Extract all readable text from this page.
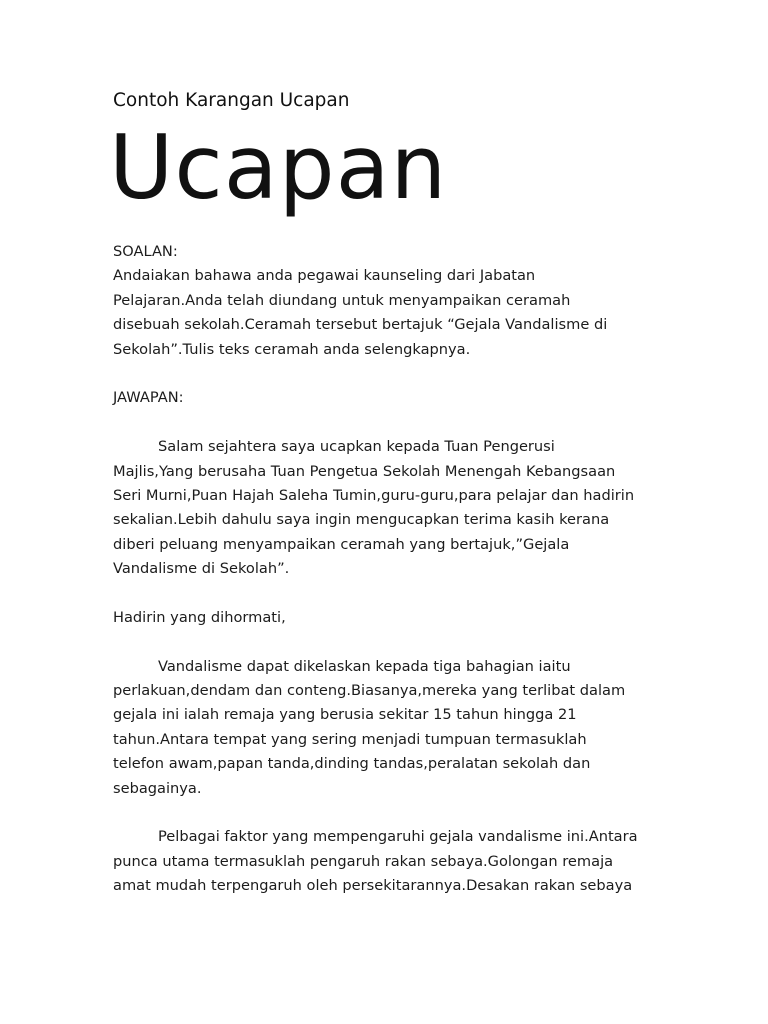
Contoh Karangan Ucapan
Ucapan
SOALAN:
Andaiakan bahawa anda pegawai kaunseling dari Jabatan
Pelajaran.Anda telah diundang untuk menyampaikan ceramah
disebuah sekolah.Ceramah tersebut bertajuk “Gejala Vandalisme di
Sekolah”.Tulis teks ceramah anda selengkapnya.
JAWAPAN:
Salam sejahtera saya ucapkan kepada Tuan Pengerusi
Majlis,Yang berusaha Tuan Pengetua Sekolah Menengah Kebangsaan
Seri Murni,Puan Hajah Saleha Tumin,guru-guru,para pelajar dan hadirin
sekalian.Lebih dahulu saya ingin mengucapkan terima kasih kerana
diberi peluang menyampaikan ceramah yang bertajuk,”Gejala
Vandalisme di Sekolah”.
Hadirin yang dihormati,
Vandalisme dapat dikelaskan kepada tiga bahagian iaitu
perlakuan,dendam dan conteng.Biasanya,mereka yang terlibat dalam
gejala ini ialah remaja yang berusia sekitar 15 tahun hingga 21
tahun.Antara tempat yang sering menjadi tumpuan termasuklah
telefon awam,papan tanda,dinding tandas,peralatan sekolah dan
sebagainya.
Pelbagai faktor yang mempengaruhi gejala vandalisme ini.Antara
punca utama termasuklah pengaruh rakan sebaya.Golongan remaja
amat mudah terpengaruh oleh persekitarannya.Desakan rakan sebaya
